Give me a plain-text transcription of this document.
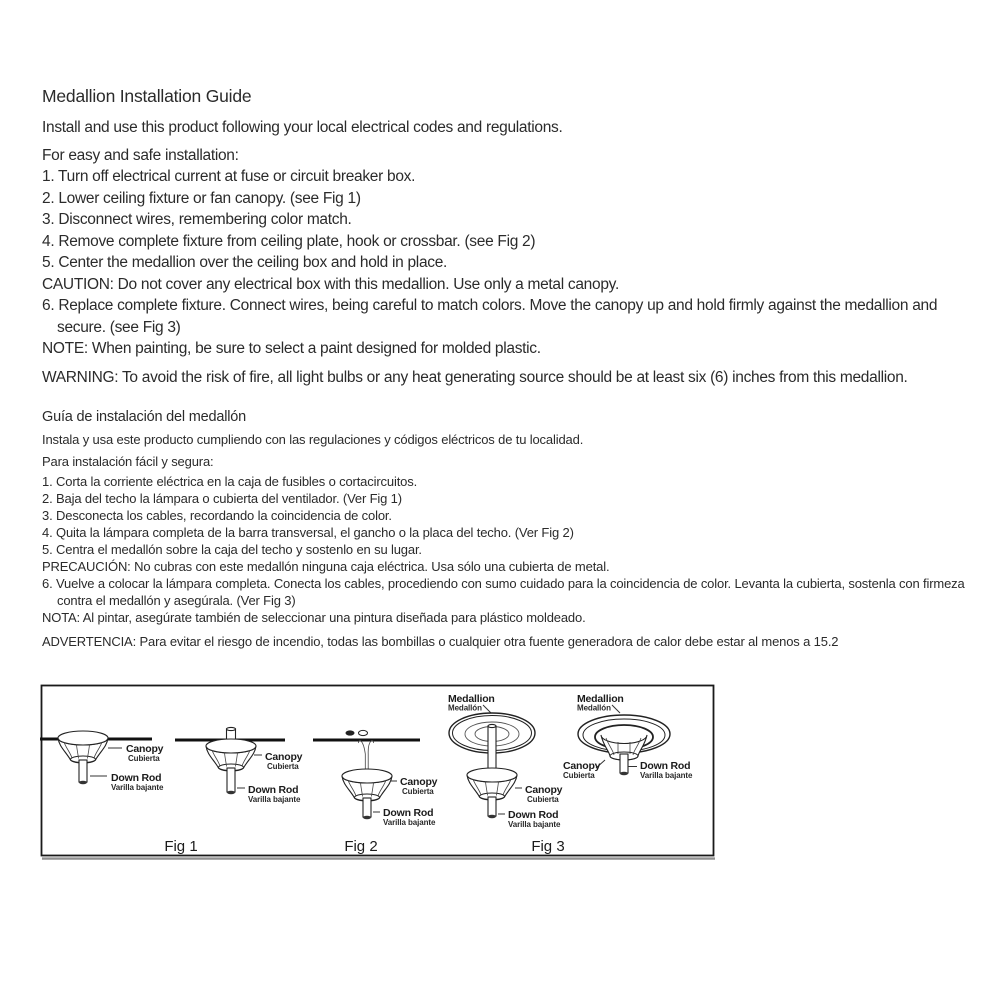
Medallion Installation Guide
Install and use this product following your local electrical codes and regulations.
For easy and safe installation:
1. Turn off electrical current at fuse or circuit breaker box.
2. Lower ceiling fixture or fan canopy. (see Fig 1)
3. Disconnect wires, remembering color match.
4. Remove complete fixture from ceiling plate, hook or crossbar. (see Fig 2)
5. Center the medallion over the ceiling box and hold in place.
CAUTION: Do not cover any electrical box with this medallion. Use only a metal canopy.
6. Replace complete fixture. Connect wires, being careful to match colors. Move the canopy up and hold firmly against the medallion and secure. (see Fig 3)
NOTE: When painting, be sure to select a paint designed for molded plastic.
WARNING: To avoid the risk of fire, all light bulbs or any heat generating source should be at least six (6) inches from this medallion.
Guía de instalación del medallón
Instala y usa este producto cumpliendo con las regulaciones y códigos eléctricos de tu localidad.
Para instalación fácil y segura:
1. Corta la corriente eléctrica en la caja de fusibles o cortacircuitos.
2. Baja del techo la lámpara o cubierta del ventilador. (Ver Fig 1)
3. Desconecta los cables, recordando la coincidencia de color.
4. Quita la lámpara completa de la barra transversal, el gancho o la placa del techo. (Ver Fig 2)
5. Centra el medallón sobre la caja del techo y sostenlo en su lugar.
PRECAUCIÓN: No cubras con este medallón ninguna caja eléctrica. Usa sólo una cubierta de metal.
6. Vuelve a colocar la lámpara completa. Conecta los cables, procediendo con sumo cuidado para la coincidencia de color. Levanta la cubierta, sostenla con firmeza contra el medallón y asegúrala. (Ver Fig 3)
NOTA: Al pintar, asegúrate también de seleccionar una pintura diseñada para plástico moldeado.
ADVERTENCIA: Para evitar el riesgo de incendio, todas las bombillas o cualquier otra fuente generadora de calor debe estar al menos a 15.2
Canopy
Cubierta
Down Rod
Varilla bajante
Canopy
Cubierta
Down Rod
Varilla bajante
Fig 1
Canopy
Cubierta
Down Rod
Varilla bajante
Fig 2
Medallion
Medallón
Canopy
Cubierta
Down Rod
Varilla bajante
Medallion
Medallón
Canopy
Cubierta
Down Rod
Varilla bajante
Fig 3
